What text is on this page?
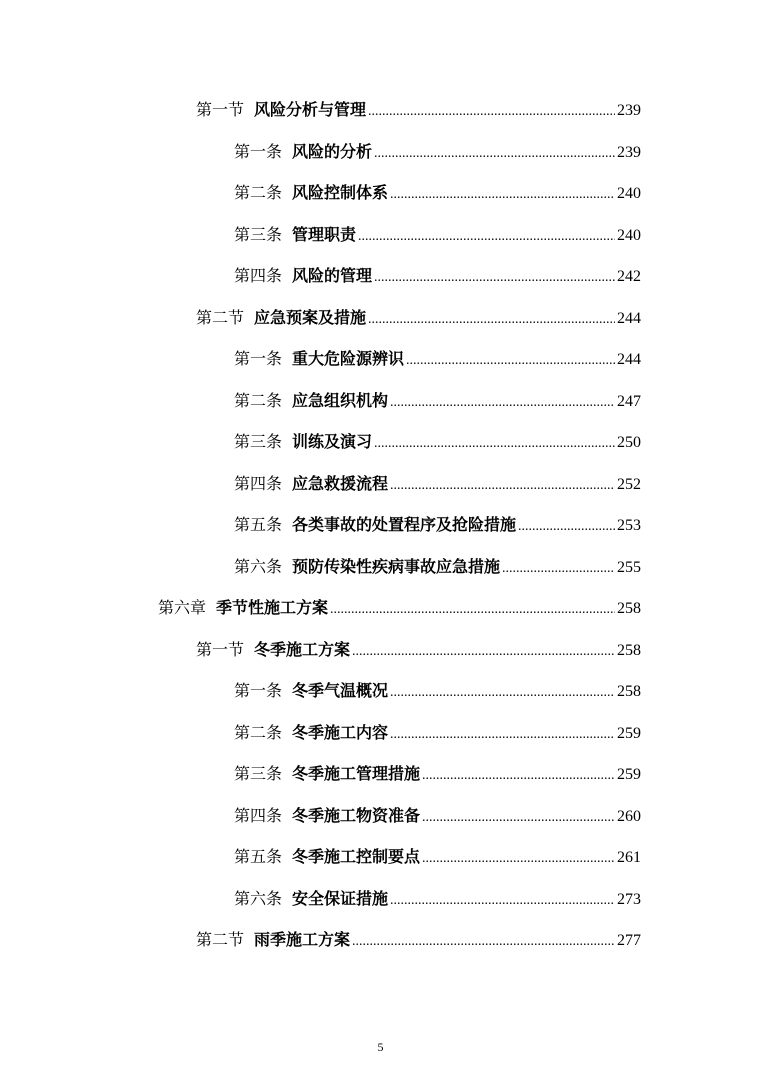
第一节 风险分析与管理 .....	239
第一条 风险的分析 .....	239
第二条 风险控制体系 .....	240
第三条 管理职责 .....	240
第四条 风险的管理 .....	242
第二节 应急预案及措施 .....	244
第一条 重大危险源辨识 .....	244
第二条 应急组织机构 .....	247
第三条 训练及演习 .....	250
第四条 应急救援流程 .....	252
第五条 各类事故的处置程序及抢险措施 .....	253
第六条 预防传染性疾病事故应急措施 .....	255
第六章 季节性施工方案 .....	258
第一节 冬季施工方案 .....	258
第一条 冬季气温概况 .....	258
第二条 冬季施工内容 .....	259
第三条 冬季施工管理措施 .....	259
第四条 冬季施工物资准备 .....	260
第五条 冬季施工控制要点 .....	261
第六条 安全保证措施 .....	273
第二节 雨季施工方案 .....	277
5
